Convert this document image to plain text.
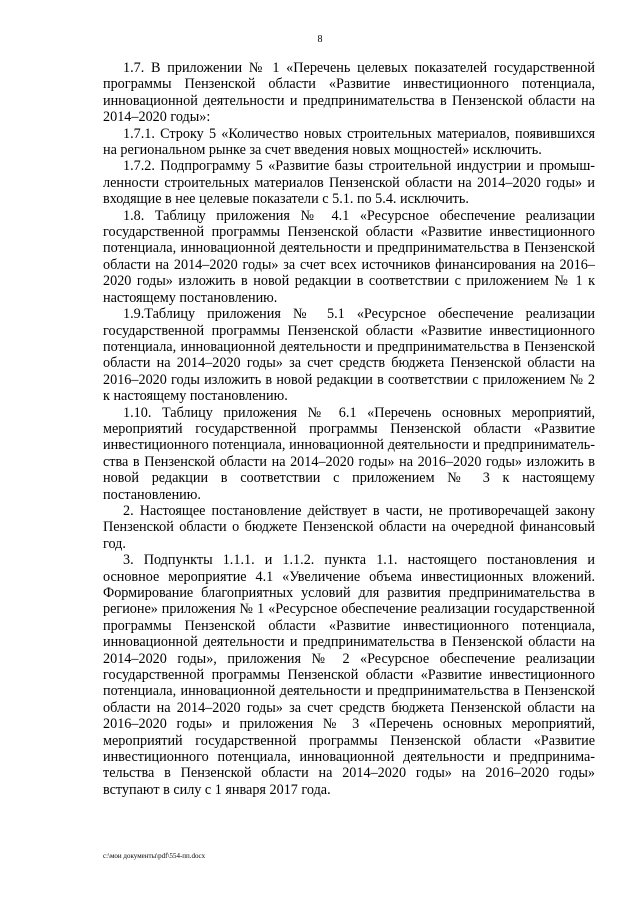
8

1.7. В приложении № 1 «Перечень целевых показателей государственной программы Пензенской области «Развитие инвестиционного потенциала, инновационной деятельности и предпринимательства в Пензенской области на 2014–2020 годы»:

1.7.1. Строку 5 «Количество новых строительных материалов, появившихся на региональном рынке за счет введения новых мощностей» исключить.

1.7.2. Подпрограмму 5 «Развитие базы строительной индустрии и промышленности строительных материалов Пензенской области на 2014–2020 годы» и входящие в нее целевые показатели с 5.1. по 5.4. исключить.

1.8. Таблицу приложения № 4.1 «Ресурсное обеспечение реализации государственной программы Пензенской области «Развитие инвестиционного потенциала, инновационной деятельности и предпринимательства в Пензенской области на 2014–2020 годы» за счет всех источников финансирования на 2016–2020 годы» изложить в новой редакции в соответствии с приложением № 1 к настоящему постановлению.

1.9.Таблицу приложения № 5.1 «Ресурсное обеспечение реализации государственной программы Пензенской области «Развитие инвестиционного потенциала, инновационной деятельности и предпринимательства в Пензенской области на 2014–2020 годы» за счет средств бюджета Пензенской области на 2016–2020 годы изложить в новой редакции в соответствии с приложением № 2 к настоящему постановлению.

1.10. Таблицу приложения № 6.1 «Перечень основных мероприятий, мероприятий государственной программы Пензенской области «Развитие инвестиционного потенциала, инновационной деятельности и предпринимательства в Пензенской области на 2014–2020 годы» на 2016–2020 годы» изложить в новой редакции в соответствии с приложением № 3 к настоящему постановлению.

2. Настоящее постановление действует в части, не противоречащей закону Пензенской области о бюджете Пензенской области на очередной финансовый год.

3. Подпункты 1.1.1. и 1.1.2. пункта 1.1. настоящего постановления и основное мероприятие 4.1 «Увеличение объема инвестиционных вложений. Формирование благоприятных условий для развития предпринимательства в регионе» приложения № 1 «Ресурсное обеспечение реализации государственной программы Пензенской области «Развитие инвестиционного потенциала, инновационной деятельности и предпринимательства в Пензенской области на 2014–2020 годы», приложения № 2 «Ресурсное обеспечение реализации государственной программы Пензенской области «Развитие инвестиционного потенциала, инновационной деятельности и предпринимательства в Пензенской области на 2014–2020 годы» за счет средств бюджета Пензенской области на 2016–2020 годы» и приложения № 3 «Перечень основных мероприятий, мероприятий государственной программы Пензенской области «Развитие инвестиционного потенциала, инновационной деятельности и предпринимательства в Пензенской области на 2014–2020 годы» на 2016–2020 годы» вступают в силу с 1 января 2017 года.

c:\мои документы\pdf\554-пп.docx
